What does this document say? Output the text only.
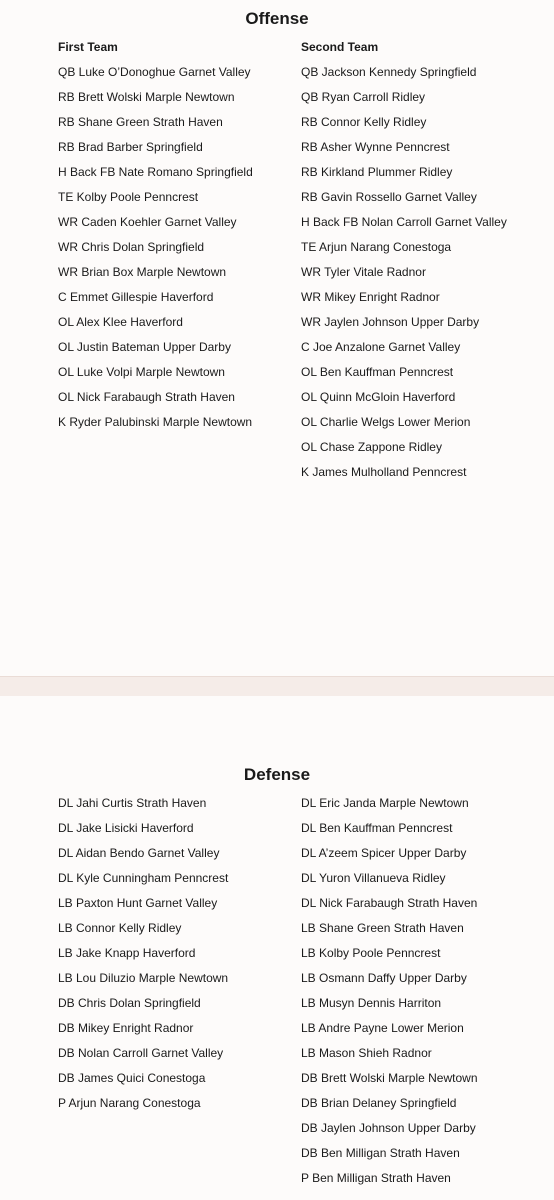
Offense
First Team	Second Team
QB Luke O’Donoghue Garnet Valley
RB Brett Wolski Marple Newtown
RB Shane Green Strath Haven
RB Brad Barber Springfield
H Back FB Nate Romano Springfield
TE Kolby Poole Penncrest
WR Caden Koehler Garnet Valley
WR Chris Dolan Springfield
WR Brian Box Marple Newtown
C Emmet Gillespie Haverford
OL Alex Klee Haverford
OL Justin Bateman Upper Darby
OL Luke Volpi Marple Newtown
OL Nick Farabaugh Strath Haven
K Ryder Palubinski Marple Newtown
QB Jackson Kennedy Springfield
QB Ryan Carroll Ridley
RB Connor Kelly Ridley
RB Asher Wynne Penncrest
RB Kirkland Plummer Ridley
RB Gavin Rossello Garnet Valley
H Back FB Nolan Carroll Garnet Valley
TE Arjun Narang Conestoga
WR Tyler Vitale Radnor
WR Mikey Enright Radnor
WR Jaylen Johnson Upper Darby
C Joe Anzalone Garnet Valley
OL Ben Kauffman Penncrest
OL Quinn McGloin Haverford
OL Charlie Welgs Lower Merion
OL Chase Zappone Ridley
K James Mulholland Penncrest
Defense
DL Jahi Curtis Strath Haven
DL Jake Lisicki Haverford
DL Aidan Bendo Garnet Valley
DL Kyle Cunningham Penncrest
LB Paxton Hunt Garnet Valley
LB Connor Kelly Ridley
LB Jake Knapp Haverford
LB Lou Diluzio Marple Newtown
DB Chris Dolan Springfield
DB Mikey Enright Radnor
DB Nolan Carroll Garnet Valley
DB James Quici Conestoga
P Arjun Narang Conestoga
DL Eric Janda Marple Newtown
DL Ben Kauffman Penncrest
DL A’zeem Spicer Upper Darby
DL Yuron Villanueva Ridley
DL Nick Farabaugh Strath Haven
LB Shane Green Strath Haven
LB Kolby Poole Penncrest
LB Osmann Daffy Upper Darby
LB Musyn Dennis Harriton
LB Andre Payne Lower Merion
LB Mason Shieh Radnor
DB Brett Wolski Marple Newtown
DB Brian Delaney Springfield
DB Jaylen Johnson Upper Darby
DB Ben Milligan Strath Haven
P Ben Milligan Strath Haven
